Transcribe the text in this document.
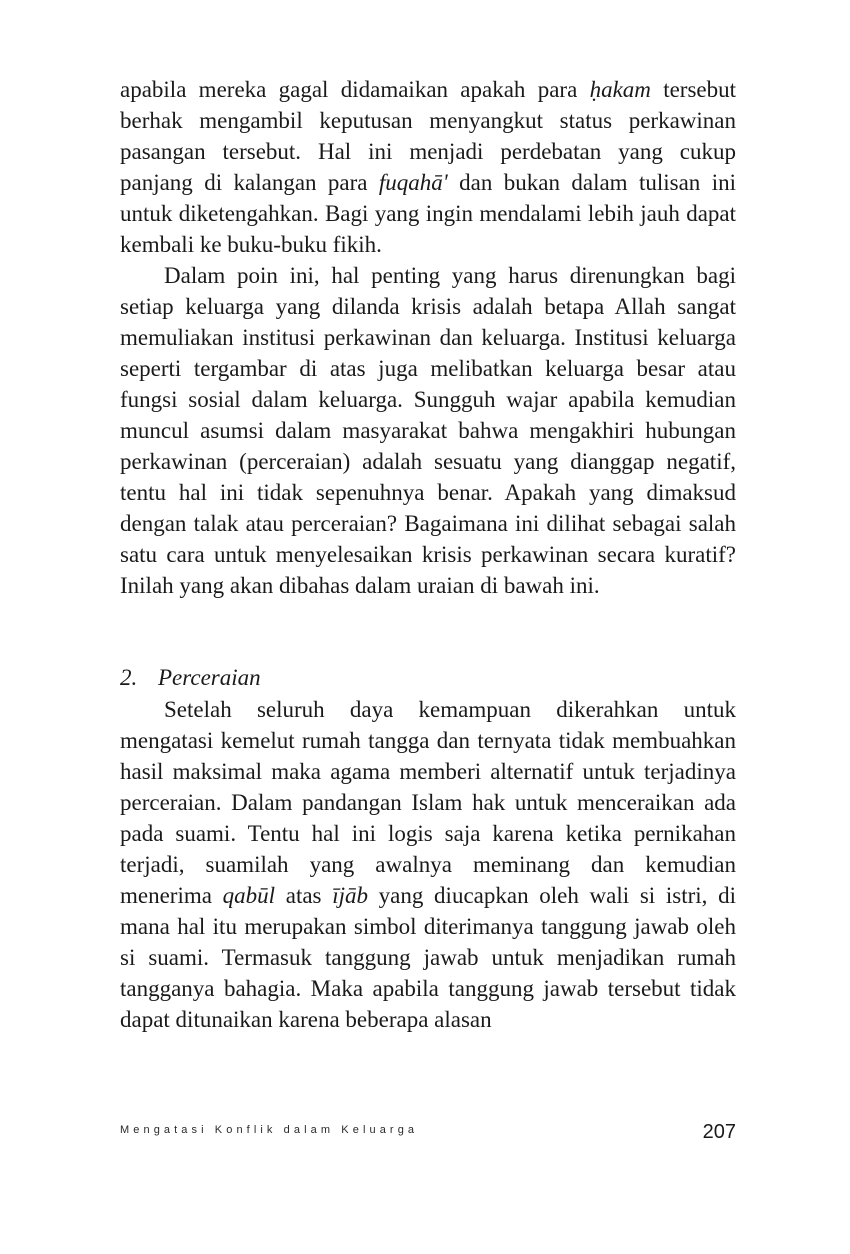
apabila mereka gagal didamaikan apakah para ḥakam tersebut berhak mengambil keputusan menyangkut status perkawinan pasangan tersebut. Hal ini menjadi perdebatan yang cukup panjang di kalangan para fuqahā' dan bukan dalam tulisan ini untuk diketengahkan. Bagi yang ingin mendalami lebih jauh dapat kembali ke buku-buku fikih.

Dalam poin ini, hal penting yang harus direnungkan bagi setiap keluarga yang dilanda krisis adalah betapa Allah sangat memuliakan institusi perkawinan dan keluarga. Institusi keluarga seperti tergambar di atas juga melibatkan keluarga besar atau fungsi sosial dalam keluarga. Sungguh wajar apabila kemudian muncul asumsi dalam masyarakat bahwa mengakhiri hubungan perkawinan (perceraian) adalah sesuatu yang dianggap negatif, tentu hal ini tidak sepenuhnya benar. Apakah yang dimaksud dengan talak atau perceraian? Bagaimana ini dilihat sebagai salah satu cara untuk menyelesaikan krisis perkawinan secara kuratif? Inilah yang akan dibahas dalam uraian di bawah ini.

2. Perceraian

Setelah seluruh daya kemampuan dikerahkan untuk mengatasi kemelut rumah tangga dan ternyata tidak membuahkan hasil maksimal maka agama memberi alternatif untuk terjadinya perceraian. Dalam pandangan Islam hak untuk menceraikan ada pada suami. Tentu hal ini logis saja karena ketika pernikahan terjadi, suamilah yang awalnya meminang dan kemudian menerima qabūl atas ījāb yang diucapkan oleh wali si istri, di mana hal itu merupakan simbol diterimanya tanggung jawab oleh si suami. Termasuk tanggung jawab untuk menjadikan rumah tangganya bahagia. Maka apabila tanggung jawab tersebut tidak dapat ditunaikan karena beberapa alasan

Mengatasi Konflik dalam Keluarga	207
